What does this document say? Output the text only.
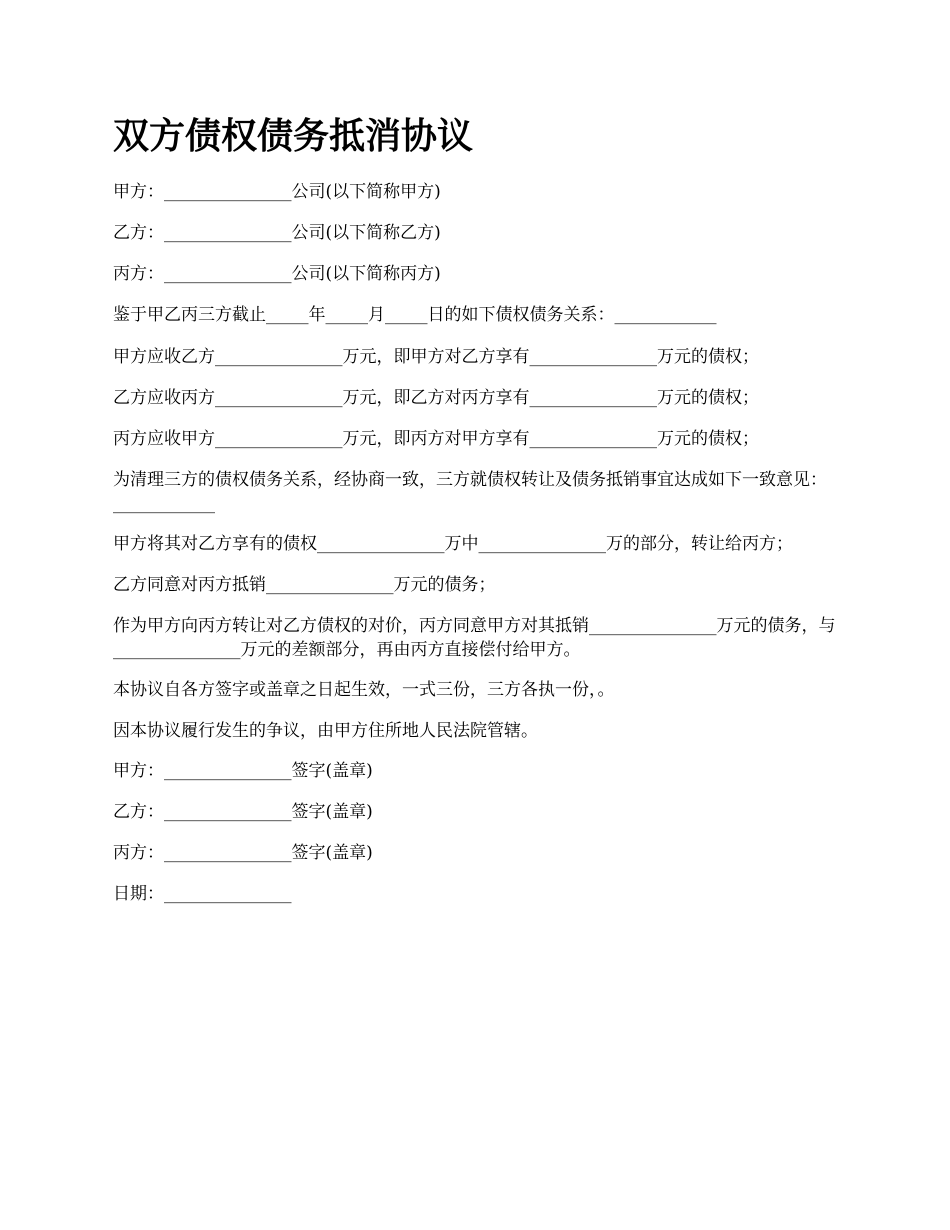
双方债权债务抵消协议

甲方：_______________公司(以下简称甲方)

乙方：_______________公司(以下简称乙方)

丙方：_______________公司(以下简称丙方)

鉴于甲乙丙三方截止_____年_____月_____日的如下债权债务关系：____________

甲方应收乙方_______________万元，即甲方对乙方享有_______________万元的债权；

乙方应收丙方_______________万元，即乙方对丙方享有_______________万元的债权；

丙方应收甲方_______________万元，即丙方对甲方享有_______________万元的债权；

为清理三方的债权债务关系，经协商一致，三方就债权转让及债务抵销事宜达成如下一致意见：____________

甲方将其对乙方享有的债权_______________万中_______________万的部分，转让给丙方；

乙方同意对丙方抵销_______________万元的债务；

作为甲方向丙方转让对乙方债权的对价，丙方同意甲方对其抵销_______________万元的债务，与_______________万元的差额部分，再由丙方直接偿付给甲方。

本协议自各方签字或盖章之日起生效，一式三份，三方各执一份，。

因本协议履行发生的争议，由甲方住所地人民法院管辖。

甲方：_______________签字(盖章)

乙方：_______________签字(盖章)

丙方：_______________签字(盖章)

日期：_______________
